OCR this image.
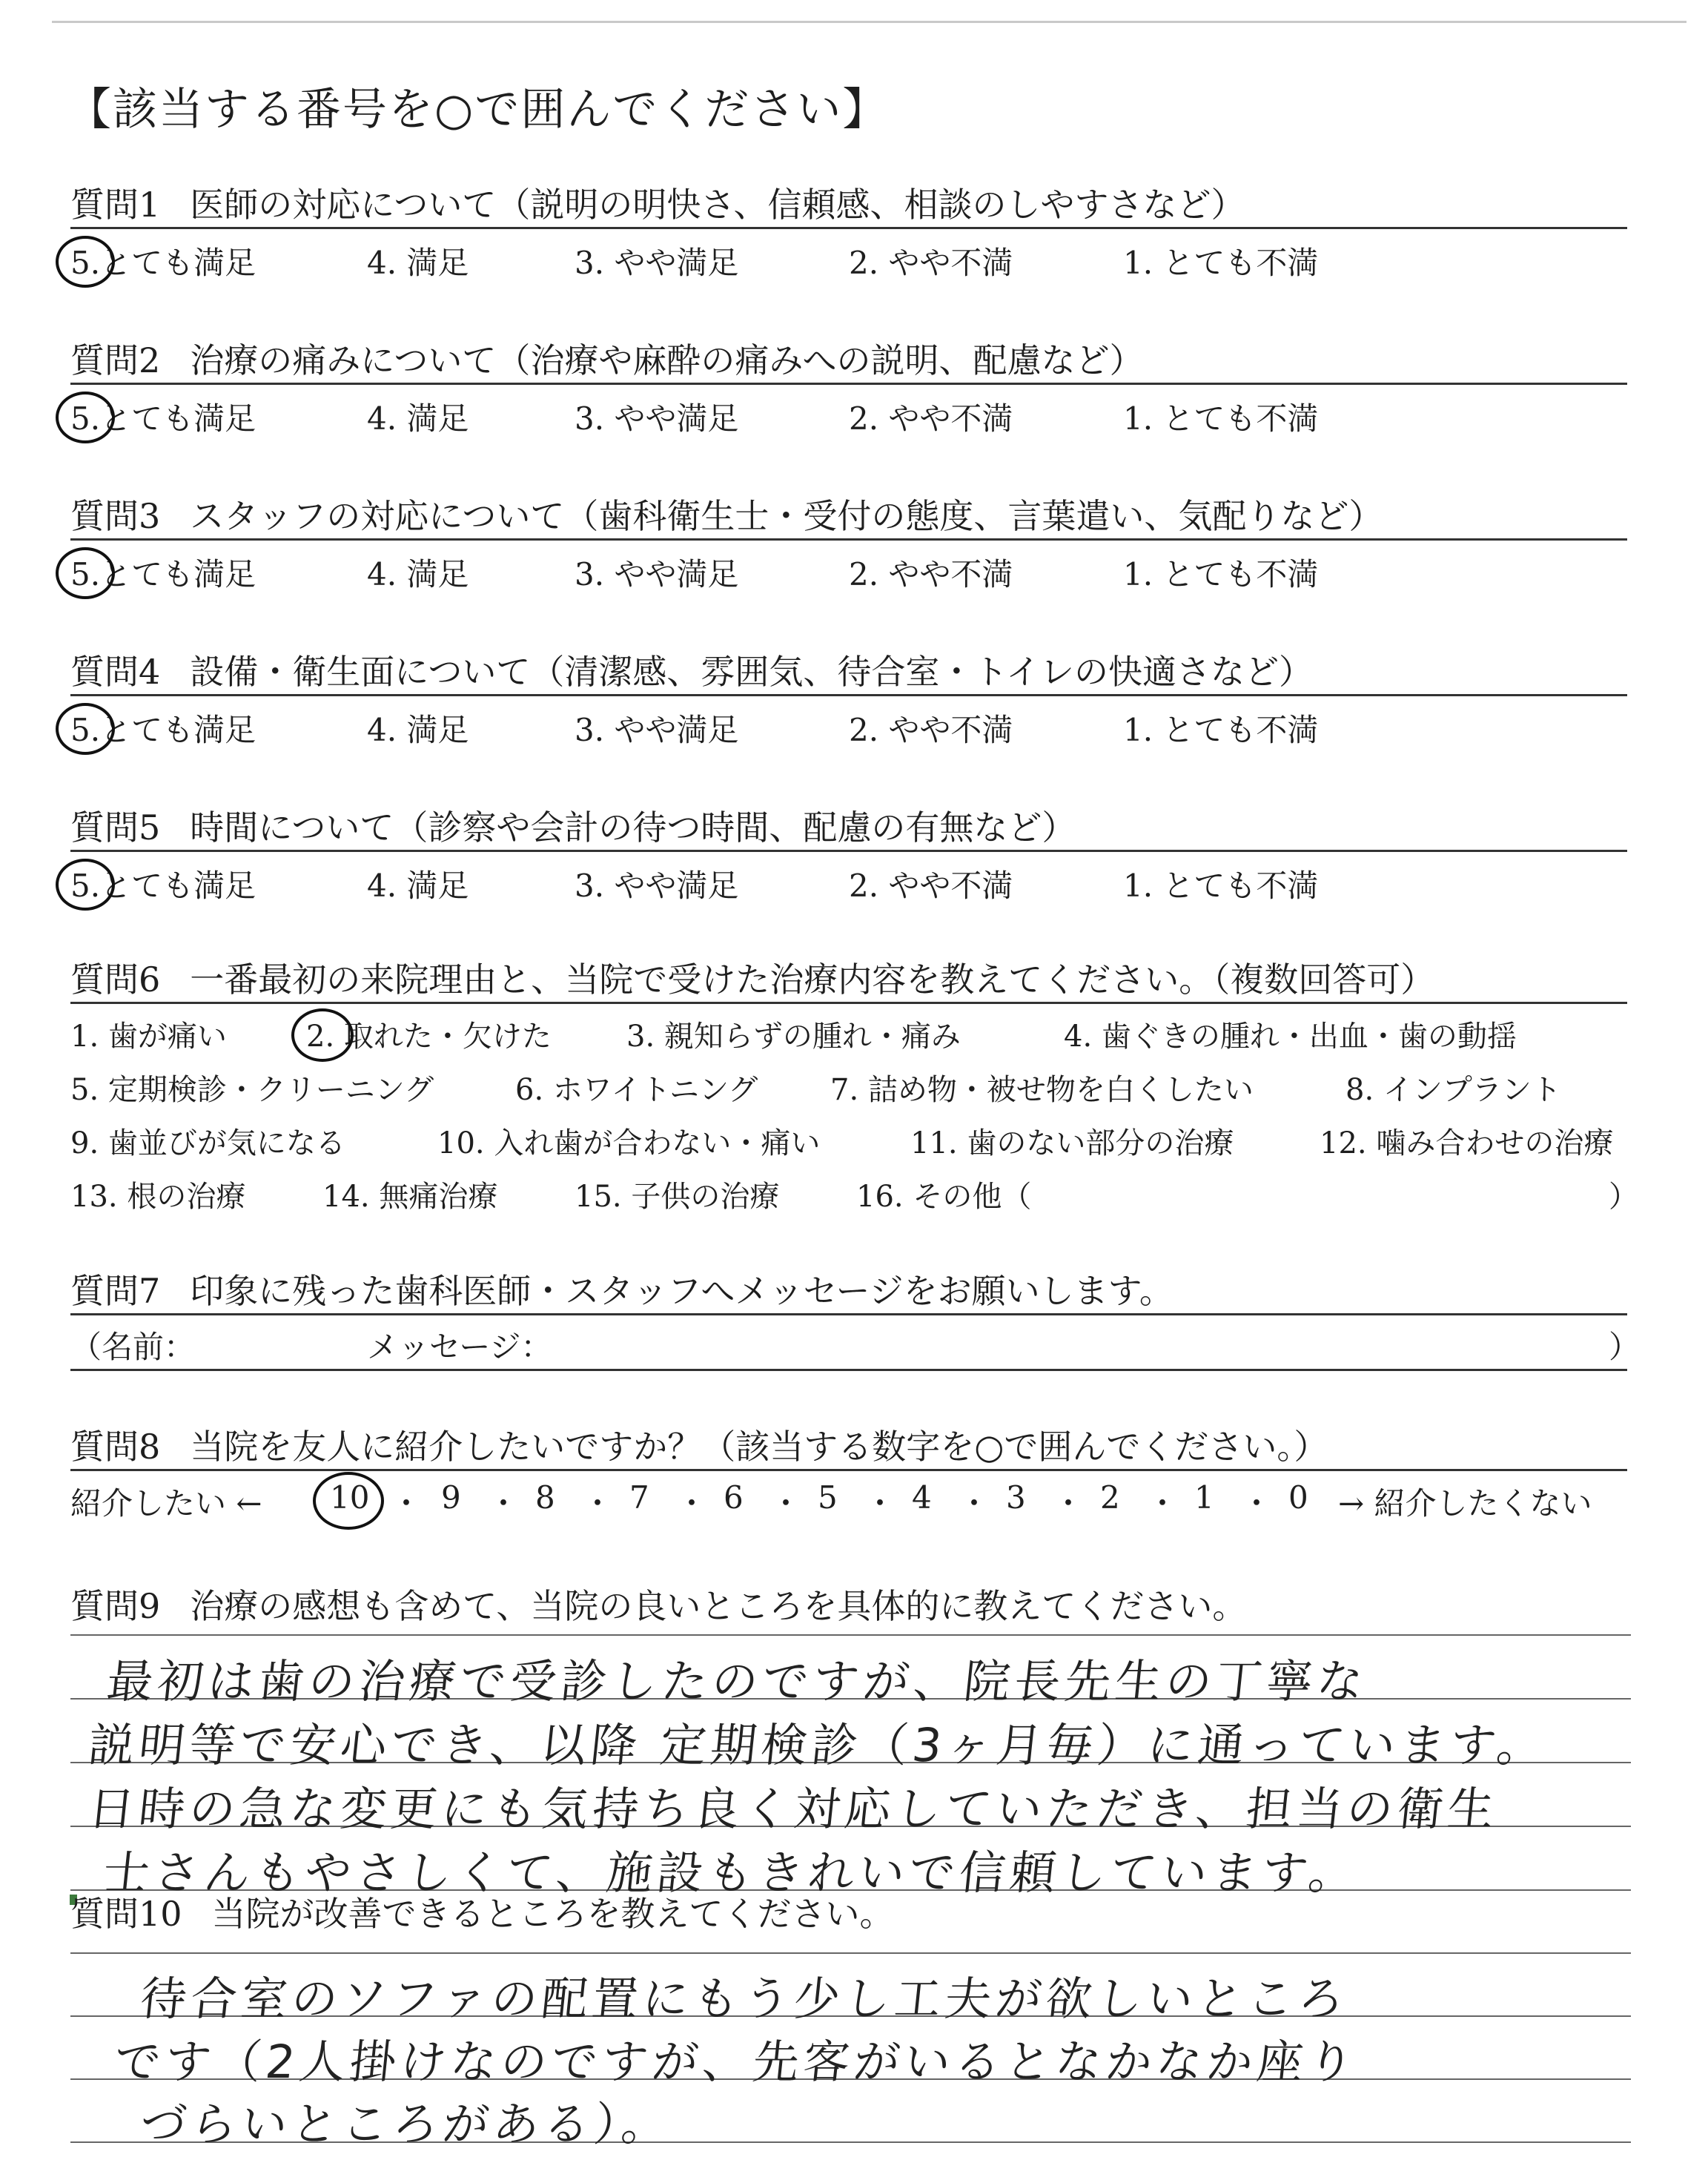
【該当する番号を○で囲んでください】
質問1 医師の対応について（説明の明快さ、信頼感、相談のしやすさなど）
5.とても満足	4. 満足	3. やや満足	2. やや不満	1. とても不満
質問2 治療の痛みについて（治療や麻酔の痛みへの説明、配慮など）
5.とても満足	4. 満足	3. やや満足	2. やや不満	1. とても不満
質問3 スタッフの対応について（歯科衛生士・受付の態度、言葉遣い、気配りなど）
5.とても満足	4. 満足	3. やや満足	2. やや不満	1. とても不満
質問4 設備・衛生面について（清潔感、雰囲気、待合室・トイレの快適さなど）
5.とても満足	4. 満足	3. やや満足	2. やや不満	1. とても不満
質問5 時間について（診察や会計の待つ時間、配慮の有無など）
5.とても満足	4. 満足	3. やや満足	2. やや不満	1. とても不満
質問6 一番最初の来院理由と、当院で受けた治療内容を教えてください。（複数回答可）
1. 歯が痛い	2. 取れた・欠けた	3. 親知らずの腫れ・痛み	4. 歯ぐきの腫れ・出血・歯の動揺
5. 定期検診・クリーニング	6. ホワイトニング 7. 詰め物・被せ物を白くしたい	8. インプラント
9. 歯並びが気になる	10. 入れ歯が合わない・痛い	11. 歯のない部分の治療	12. 噛み合わせの治療
13. 根の治療	14. 無痛治療	15. 子供の治療	16. その他（	）
質問7 印象に残った歯科医師・スタッフへメッセージをお願いします。
（名前：	メッセージ：	）
質問8 当院を友人に紹介したいですか？（該当する数字を○で囲んでください。）
紹介したい ← 10 ・ 9 ・ 8 ・ 7 ・ 6 ・ 5 ・ 4 ・ 3 ・ 2 ・ 1 ・ 0 → 紹介したくない
質問9 治療の感想も含めて、当院の良いところを具体的に教えてください。
最初は歯の治療で受診したのですが、院長先生の丁寧な
説明等で安心でき、以降 定期検診（3ヶ月毎）に通っています。
日時の急な変更にも気持ち良く対応していただき、担当の衛生
士さんもやさしくて、施設もきれいで信頼しています。
質問10 当院が改善できるところを教えてください。
待合室のソファの配置にもう少し工夫が欲しいところ
です（2人掛けなのですが、先客がいるとなかなか座り
づらいところがある）。
